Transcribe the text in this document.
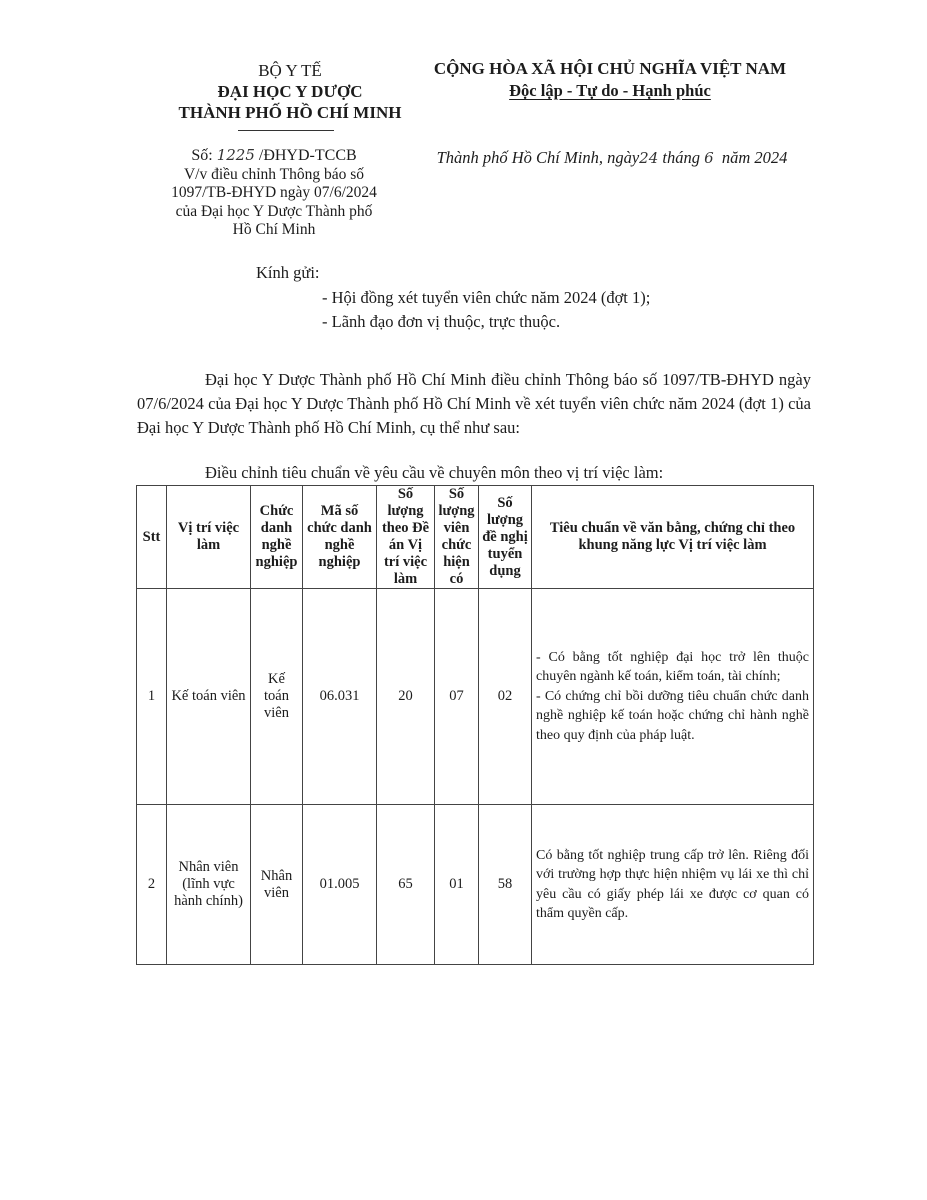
BỘ Y TẾ
ĐẠI HỌC Y DƯỢC
THÀNH PHỐ HỒ CHÍ MINH
CỘNG HÒA XÃ HỘI CHỦ NGHĨA VIỆT NAM
Độc lập - Tự do - Hạnh phúc
Số: 1225 /ĐHYD-TCCB
V/v điều chỉnh Thông báo số
1097/TB-ĐHYD ngày 07/6/2024
của Đại học Y Dược Thành phố
Hồ Chí Minh
Thành phố Hồ Chí Minh, ngày24 tháng 6 năm 2024
Kính gửi:
- Hội đồng xét tuyển viên chức năm 2024 (đợt 1);
- Lãnh đạo đơn vị thuộc, trực thuộc.
Đại học Y Dược Thành phố Hồ Chí Minh điều chỉnh Thông báo số 1097/TB-ĐHYD ngày 07/6/2024 của Đại học Y Dược Thành phố Hồ Chí Minh về xét tuyển viên chức năm 2024 (đợt 1) của Đại học Y Dược Thành phố Hồ Chí Minh, cụ thể như sau:
Điều chỉnh tiêu chuẩn về yêu cầu về chuyên môn theo vị trí việc làm:
Stt	Vị trí việc làm	Chức danh nghề nghiệp	Mã số chức danh nghề nghiệp	Số lượng theo Đề án Vị trí việc làm	Số lượng viên chức hiện có	Số lượng đề nghị tuyển dụng	Tiêu chuẩn về văn bằng, chứng chỉ theo khung năng lực Vị trí việc làm
1	Kế toán viên	Kế toán viên	06.031	20	07	02	- Có bằng tốt nghiệp đại học trở lên thuộc chuyên ngành kế toán, kiểm toán, tài chính;
- Có chứng chỉ bồi dưỡng tiêu chuẩn chức danh nghề nghiệp kế toán hoặc chứng chỉ hành nghề theo quy định của pháp luật.

2	Nhân viên (lĩnh vực hành chính)	Nhân viên	01.005	65	01	58	Có bằng tốt nghiệp trung cấp trở lên. Riêng đối với trường hợp thực hiện nhiệm vụ lái xe thì chỉ yêu cầu có giấy phép lái xe được cơ quan có thẩm quyền cấp.
